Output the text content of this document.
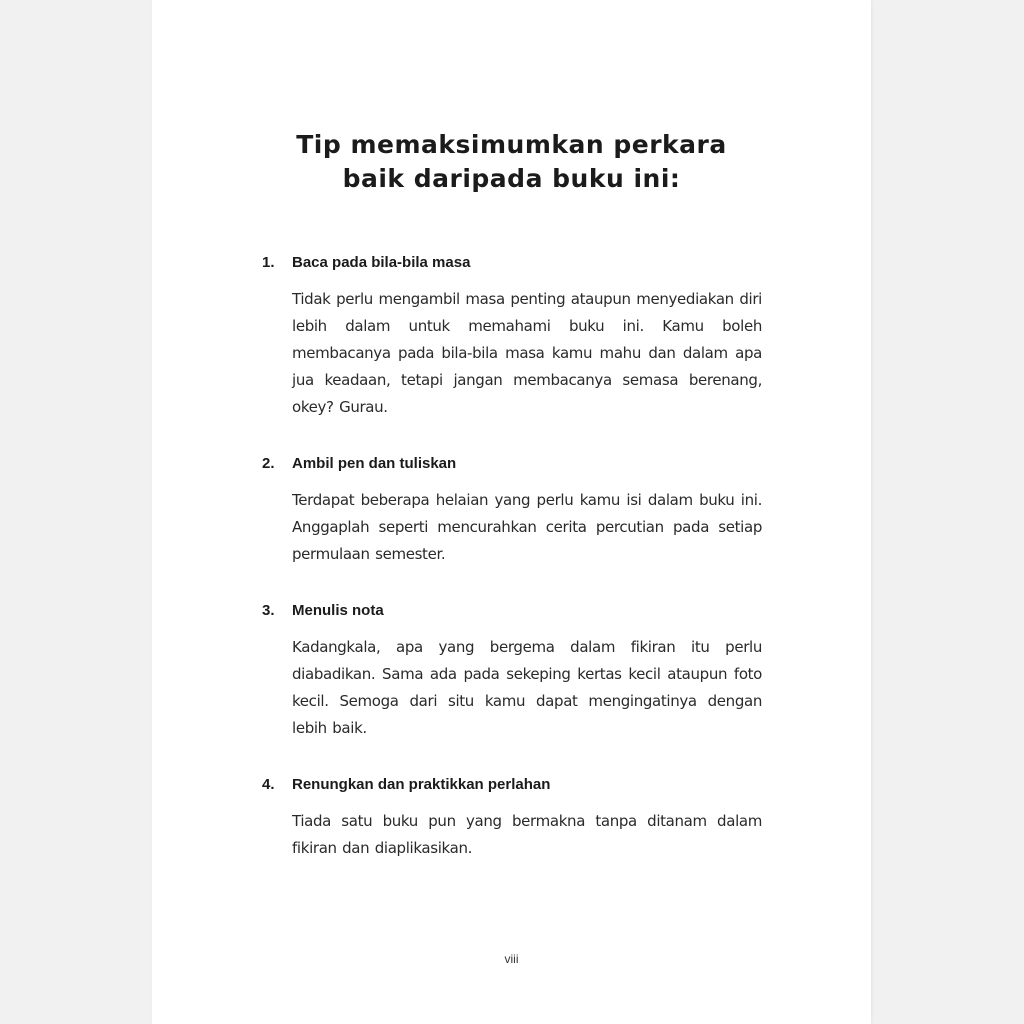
Tip memaksimumkan perkara
baik daripada buku ini:
1.	Baca pada bila-bila masa
Tidak perlu mengambil masa penting ataupun menyediakan diri lebih dalam untuk memahami buku ini. Kamu boleh membacanya pada bila-bila masa kamu mahu dan dalam apa jua keadaan, tetapi jangan membacanya semasa berenang, okey? Gurau.
2.	Ambil pen dan tuliskan
Terdapat beberapa helaian yang perlu kamu isi dalam buku ini. Anggaplah seperti mencurahkan cerita percutian pada setiap permulaan semester.
3.	Menulis nota
Kadangkala, apa yang bergema dalam fikiran itu perlu diabadikan. Sama ada pada sekeping kertas kecil ataupun foto kecil. Semoga dari situ kamu dapat mengingatinya dengan lebih baik.
4.	Renungkan dan praktikkan perlahan
Tiada satu buku pun yang bermakna tanpa ditanam dalam fikiran dan diaplikasikan.
viii
